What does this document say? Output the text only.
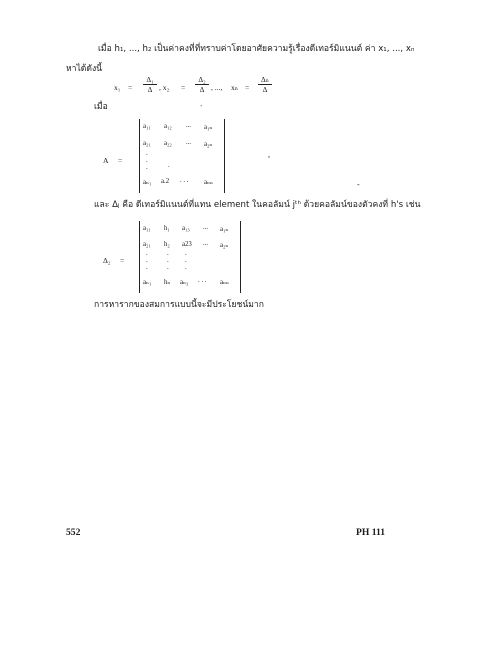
เมื่อ h₁, ..., h₂ เป็นค่าคงที่ที่ทราบค่าโดยอาศัยความรู้เรื่องดีเทอร์มิแนนต์ ค่า x₁, ..., xₙ
หาได้ดังนี้
x₁ =
Δ₁
Δ , x₂ =
Δ₂
Δ , ..., xₙ =
Δₙ
Δ
เมื่อ
A =
a₁₁ a₁₂ ... a₁ₙ
a₂₁ a₂₂ ... a₂ₙ
.
.
.	.
aₙ₁ a.2 . . . aₙₙ
`
,
-
และ Δⱼ คือ ดีเทอร์มิแนนต์ที่แทน element ในคอลัมน์ jᵗʰ ด้วยคอลัมน์ของตัวคงที่ h's เช่น
Δ₂ =
a₁₁ h₁ a₁₃ ... a₁ₙ
a₂₁ h₂ a23 ... a₂ₙ
.
.
.
.
.
.
.
.
.
aₙ₁ hₙ aₙ₃ . . . aₙₙ
การหารากของสมการแบบนี้จะมีประโยชน์มาก
552	PH 111
